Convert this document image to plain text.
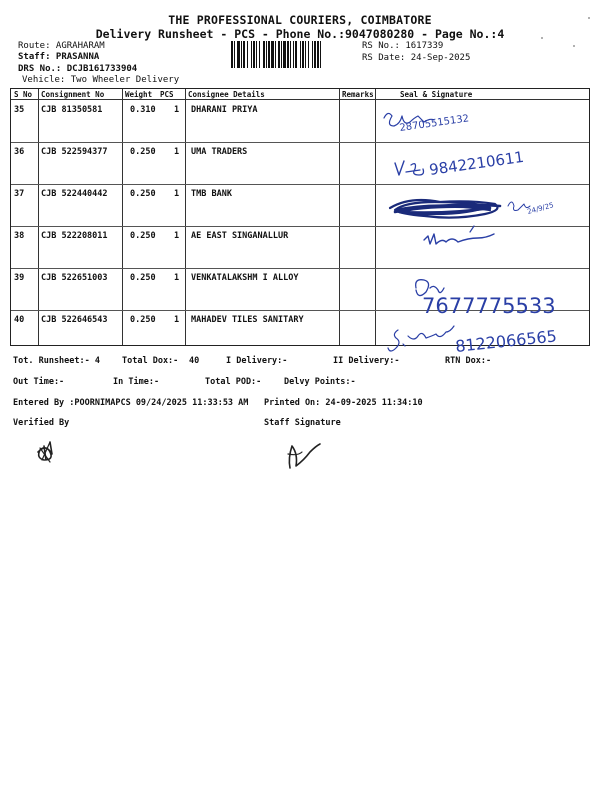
THE PROFESSIONAL COURIERS, COIMBATORE
Delivery Runsheet - PCS - Phone No.:9047080280 - Page No.:4
Route: AGRAHARAM
Staff: PRASANNA
DRS No.: DCJB161733904
Vehicle: Two Wheeler Delivery
RS No.: 1617339
RS Date: 24-Sep-2025
S No Consignment No	Weight PCS Consignee Details	Remarks	Seal & Signature
35 CJB 81350581	0.310 1 DHARANI PRIYA
36 CJB 522594377	0.250 1 UMA TRADERS
37 CJB 522440442	0.250 1 TMB BANK
38 CJB 522208011	0.250 1 AE EAST SINGANALLUR
39 CJB 522651003	0.250 1 VENKATALAKSHM I ALLOY
40 CJB 522646543	0.250 1 MAHADEV TILES SANITARY
28705515132
9842210611
24/9/25
7677775533
8122066565
Tot. Runsheet:- 4	Total Dox:- 40	I Delivery:-	II Delivery:-	RTN Dox:-
Out Time:-	In Time:-	Total POD:-	Delvy Points:-
Entered By :POORNIMAPCS 09/24/2025 11:33:53 AM Printed On: 24-09-2025 11:34:10
Verified By	Staff Signature
